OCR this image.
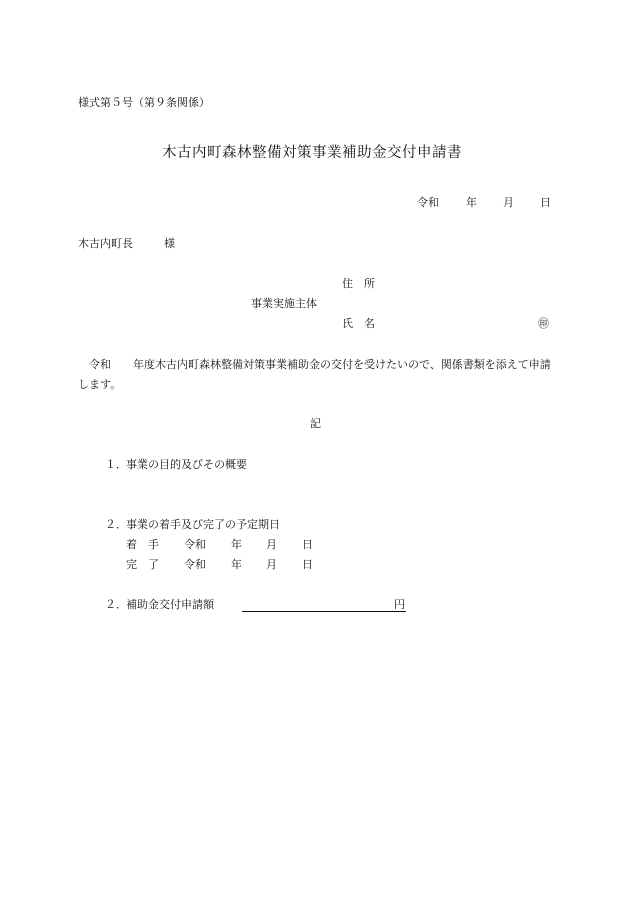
様式第５号（第９条関係）
木古内町森林整備対策事業補助金交付申請書
令和 年 月 日
木古内町長	様
住　所
事業実施主体
氏　名	㊞
　令和　　年度木古内町森林整備対策事業補助金の交付を受けたいので、関係書類を添えて申請します。
記
１． 事業の目的及びその概要
２． 事業の着手及び完了の予定期日
着　手 令和 年 月 日
完　了 令和 年 月 日
２． 補助金交付申請額	円
